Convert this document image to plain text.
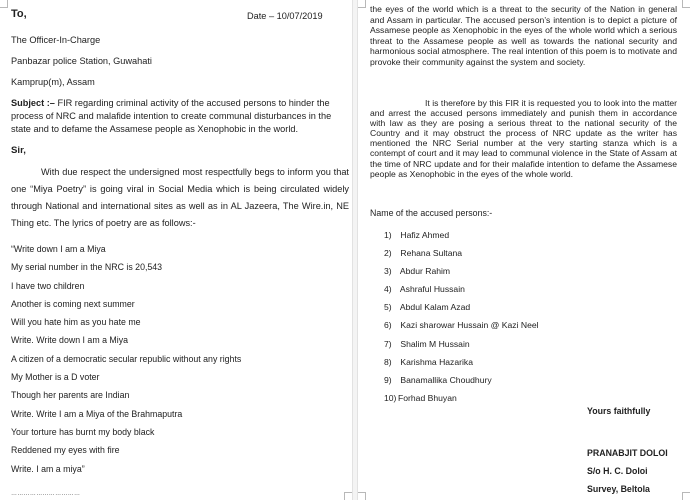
To,	Date – 10/07/2019
The Officer-In-Charge
Panbazar police Station, Guwahati
Kamprup(m), Assam
Subject :– FIR regarding criminal activity of the accused persons to hinder the process of NRC and malafide intention to create communal disturbances in the state and to defame the Assamese people as Xenophobic in the world.
Sir,
With due respect the undersigned most respectfully begs to inform you that one “Miya Poetry” is going viral in Social Media which is being circulated widely through National and international sites as well as in AL Jazeera, The Wire.in, NE Thing etc. The lyrics of poetry are as follows:-
“Write down I am a Miya
My serial number in the NRC is 20,543
I have two children
Another is coming next summer
Will you hate him as you hate me
Write. Write down I am a Miya
A citizen of a democratic secular republic without any rights
My Mother is a D voter
Though her parents are Indian
Write. Write I am a Miya of the Brahmaputra
Your torture has burnt my body black
Reddened my eyes with fire
Write. I am a miya”
……………………………
the eyes of the world which is a threat to the security of the Nation in general and Assam in particular. The accused person’s intention is to depict a picture of Assamese people as Xenophobic in the eyes of the whole world which a serious threat to the Assamese people as well as towards the national security and harmonious social atmosphere. The real intention of this poem is to motivate and provoke their community against the system and society.
It is therefore by this FIR it is requested you to look into the matter and arrest the accused persons immediately and punish them in accordance with law as they are posing a serious threat to the national security of the Country and it may obstruct the process of NRC update as the writer has mentioned the NRC Serial number at the very starting stanza which is a contempt of court and it may lead to communal violence in the State of Assam at the time of NRC update and for their malafide intention to defame the Assamese people as Xenophobic in the eyes of the whole world.
Name of the accused persons:-
1) Hafiz Ahmed
2) Rehana Sultana
3) Abdur Rahim
4) Ashraful Hussain
5) Abdul Kalam Azad
6) Kazi sharowar Hussain @ Kazi Neel
7) Shalim M Hussain
8) Karishma Hazarika
9) Banamallika Choudhury
10) Forhad Bhuyan
Yours faithfully
PRANABJIT DOLOI
S/o H. C. Doloi
Survey, Beltola
